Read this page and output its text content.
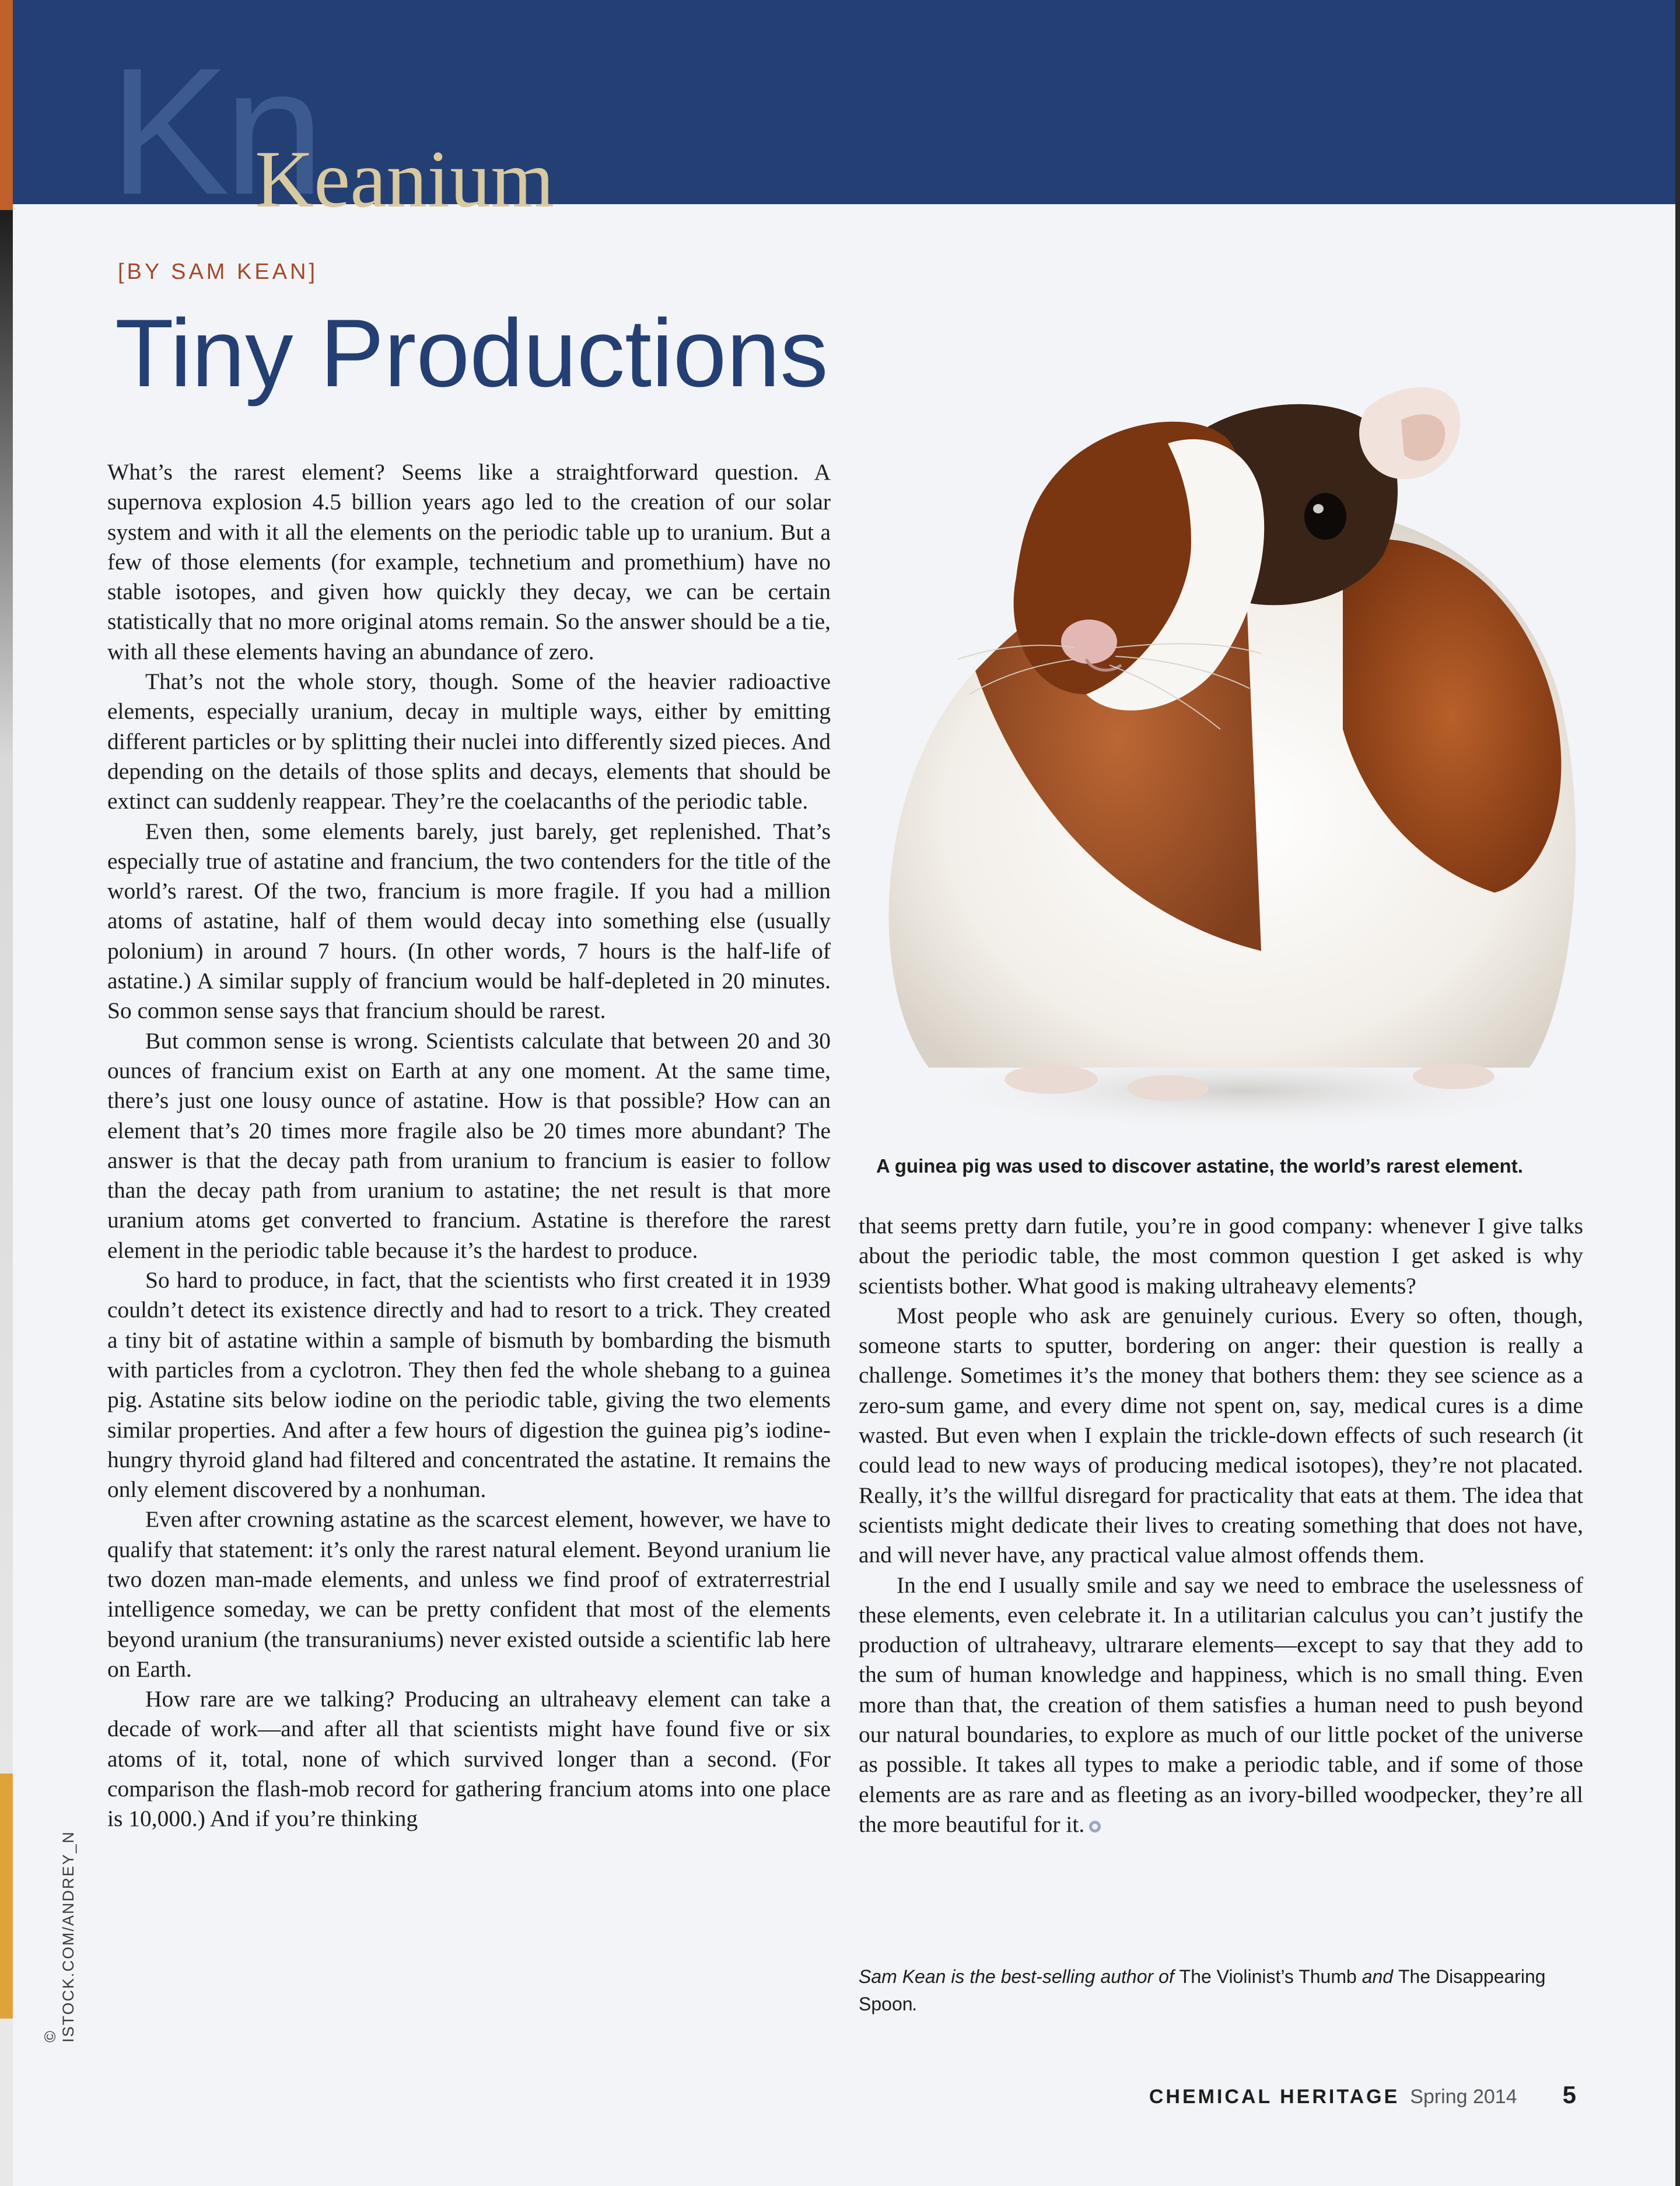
Kn
Keanium
[BY SAM KEAN]
Tiny Productions

What’s the rarest element? Seems like a straightforward question. A supernova explosion 4.5 billion years ago led to the creation of our solar system and with it all the elements on the periodic table up to uranium. But a few of those elements (for example, technetium and promethium) have no stable isotopes, and given how quickly they decay, we can be certain statistically that no more original atoms remain. So the answer should be a tie, with all these elements having an abundance of zero.

That’s not the whole story, though. Some of the heavier radioactive elements, especially uranium, decay in multiple ways, either by emitting different particles or by splitting their nuclei into differently sized pieces. And depending on the details of those splits and decays, elements that should be extinct can suddenly reappear. They’re the coelacanths of the periodic table.

Even then, some elements barely, just barely, get replenished. That’s especially true of astatine and francium, the two contenders for the title of the world’s rarest. Of the two, francium is more fragile. If you had a million atoms of astatine, half of them would decay into something else (usually polonium) in around 7 hours. (In other words, 7 hours is the half-life of astatine.) A similar supply of francium would be half-depleted in 20 minutes. So common sense says that francium should be rarest.

But common sense is wrong. Scientists calculate that between 20 and 30 ounces of francium exist on Earth at any one moment. At the same time, there’s just one lousy ounce of astatine. How is that possible? How can an element that’s 20 times more fragile also be 20 times more abundant? The answer is that the decay path from uranium to francium is easier to follow than the decay path from uranium to astatine; the net result is that more uranium atoms get converted to francium. Astatine is therefore the rarest element in the periodic table because it’s the hardest to produce.

So hard to produce, in fact, that the scientists who first created it in 1939 couldn’t detect its existence directly and had to resort to a trick. They created a tiny bit of astatine within a sample of bismuth by bombarding the bismuth with particles from a cyclotron. They then fed the whole shebang to a guinea pig. Astatine sits below iodine on the periodic table, giving the two elements similar properties. And after a few hours of digestion the guinea pig’s iodine-hungry thyroid gland had filtered and concentrated the astatine. It remains the only element discovered by a nonhuman.

Even after crowning astatine as the scarcest element, however, we have to qualify that statement: it’s only the rarest natural element. Beyond uranium lie two dozen man-made elements, and unless we find proof of extraterrestrial intelligence someday, we can be pretty confident that most of the elements beyond uranium (the transuraniums) never existed outside a scientific lab here on Earth.

How rare are we talking? Producing an ultraheavy element can take a decade of work—and after all that scientists might have found five or six atoms of it, total, none of which survived longer than a second. (For comparison the flash-mob record for gathering francium atoms into one place is 10,000.) And if you’re thinking

A guinea pig was used to discover astatine, the world’s rarest element.

that seems pretty darn futile, you’re in good company: whenever I give talks about the periodic table, the most common question I get asked is why scientists bother. What good is making ultraheavy elements?

Most people who ask are genuinely curious. Every so often, though, someone starts to sputter, bordering on anger: their question is really a challenge. Sometimes it’s the money that bothers them: they see science as a zero-sum game, and every dime not spent on, say, medical cures is a dime wasted. But even when I explain the trickle-down effects of such research (it could lead to new ways of producing medical isotopes), they’re not placated. Really, it’s the willful disregard for practicality that eats at them. The idea that scientists might dedicate their lives to creating something that does not have, and will never have, any practical value almost offends them.

In the end I usually smile and say we need to embrace the uselessness of these elements, even celebrate it. In a utilitarian calculus you can’t justify the production of ultraheavy, ultrarare elements—except to say that they add to the sum of human knowledge and happiness, which is no small thing. Even more than that, the creation of them satisfies a human need to push beyond our natural boundaries, to explore as much of our little pocket of the universe as possible. It takes all types to make a periodic table, and if some of those elements are as rare and as fleeting as an ivory-billed woodpecker, they’re all the more beautiful for it.

Sam Kean is the best-selling author of The Violinist’s Thumb and The Disappearing Spoon.
© ISTOCK.COM/ANDREY_N
CHEMICAL HERITAGE Spring 2014 5
